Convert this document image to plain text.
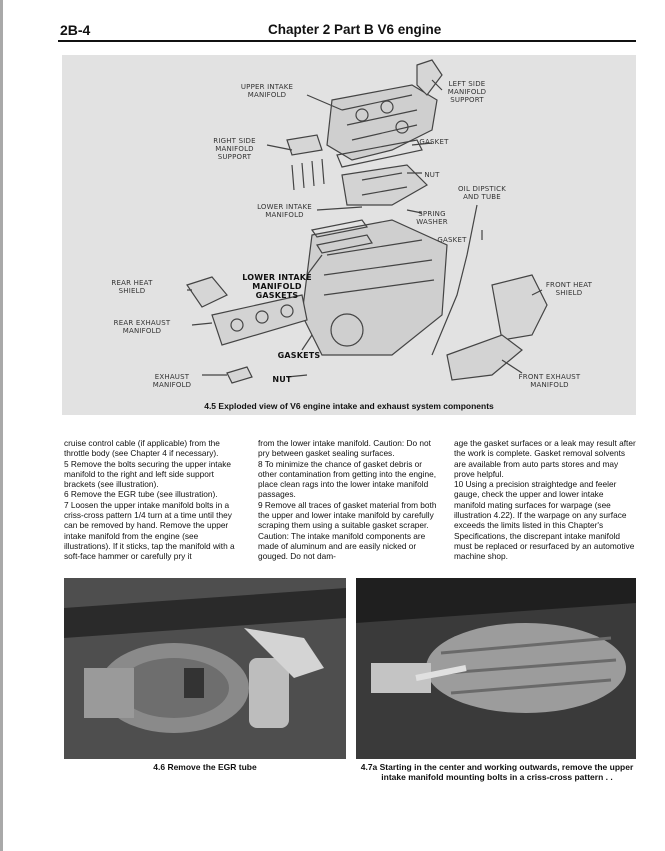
2B-4	Chapter 2 Part B V6 engine
UPPER INTAKE MANIFOLD
LEFT SIDE MANIFOLD SUPPORT
RIGHT SIDE MANIFOLD SUPPORT
GASKET
NUT
OIL DIPSTICK AND TUBE
LOWER INTAKE MANIFOLD	SPRING WASHER
GASKET
LOWER INTAKE MANIFOLD GASKETS
REAR HEAT SHIELD
FRONT HEAT SHIELD
REAR EXHAUST MANIFOLD
GASKETS
EXHAUST MANIFOLD
NUT	FRONT EXHAUST MANIFOLD
4.5 Exploded view of V6 engine intake and exhaust system components

cruise control cable (if applicable) from the throttle body (see Chapter 4 if necessary).

5 Remove the bolts securing the upper intake manifold to the right and left side support brackets (see illustration).

6 Remove the EGR tube (see illustration).

7 Loosen the upper intake manifold bolts in a criss-cross pattern 1/4 turn at a time until they can be removed by hand. Remove the upper intake manifold from the engine (see illustrations). If it sticks, tap the manifold with a soft-face hammer or carefully pry it

from the lower intake manifold. Caution: Do not pry between gasket sealing surfaces.

8 To minimize the chance of gasket debris or other contamination from getting into the engine, place clean rags into the lower intake manifold passages.

9 Remove all traces of gasket material from both the upper and lower intake manifold by carefully scraping them using a suitable gasket scraper. Caution: The intake manifold components are made of aluminum and are easily nicked or gouged. Do not dam-

age the gasket surfaces or a leak may result after the work is complete. Gasket removal solvents are available from auto parts stores and may prove helpful.

10 Using a precision straightedge and feeler gauge, check the upper and lower intake manifold mating surfaces for warpage (see illustration 4.22). If the warpage on any surface exceeds the limits listed in this Chapter's Specifications, the discrepant intake manifold must be replaced or resurfaced by an automotive machine shop.

4.6 Remove the EGR tube	4.7a Starting in the center and working outwards, remove the upper intake manifold mounting bolts in a criss-cross pattern . .
